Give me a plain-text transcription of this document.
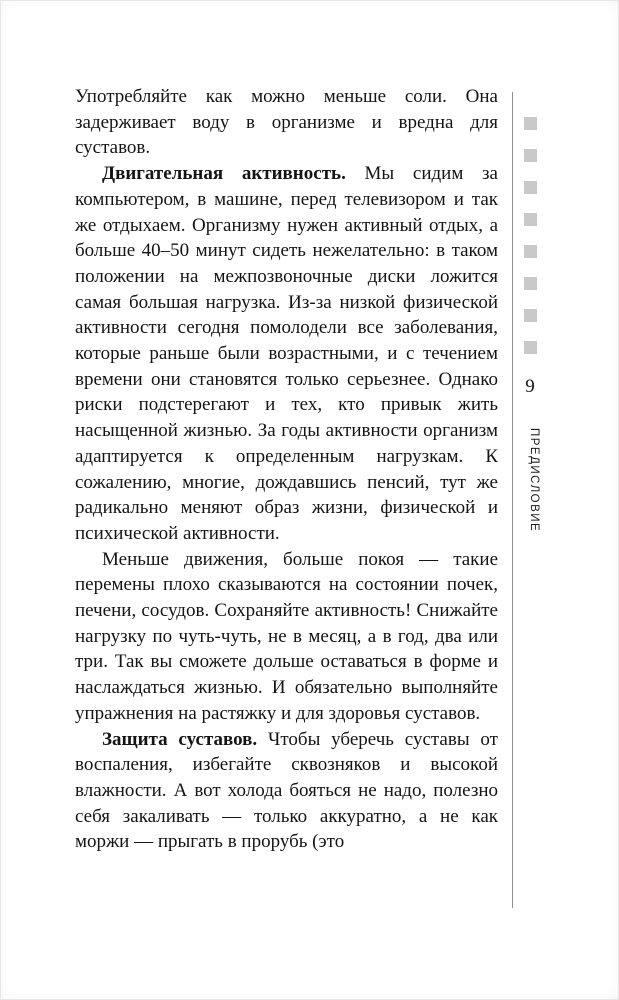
Употребляйте как можно меньше соли. Она задерживает воду в организме и вредна для суставов.

Двигательная активность. Мы сидим за компьютером, в машине, перед телевизором и так же отдыхаем. Организму нужен активный отдых, а больше 40–50 минут сидеть нежелательно: в таком положении на межпозвоночные диски ложится самая большая нагрузка. Из-за низкой физической активности сегодня помолодели все заболевания, которые раньше были возрастными, и с течением времени они становятся только серьезнее. Однако риски подстерегают и тех, кто привык жить насыщенной жизнью. За годы активности организм адаптируется к определенным нагрузкам. К сожалению, многие, дождавшись пенсий, тут же радикально меняют образ жизни, физической и психической активности.

Меньше движения, больше покоя — такие перемены плохо сказываются на состоянии почек, печени, сосудов. Сохраняйте активность! Снижайте нагрузку по чуть-чуть, не в месяц, а в год, два или три. Так вы сможете дольше оставаться в форме и наслаждаться жизнью. И обязательно выполняйте упражнения на растяжку и для здоровья суставов.

Защита суставов. Чтобы уберечь суставы от воспаления, избегайте сквозняков и высокой влажности. А вот холода бояться не надо, полезно себя закаливать — только аккуратно, а не как моржи — прыгать в прорубь (это

9
ПРЕДИСЛОВИЕ
